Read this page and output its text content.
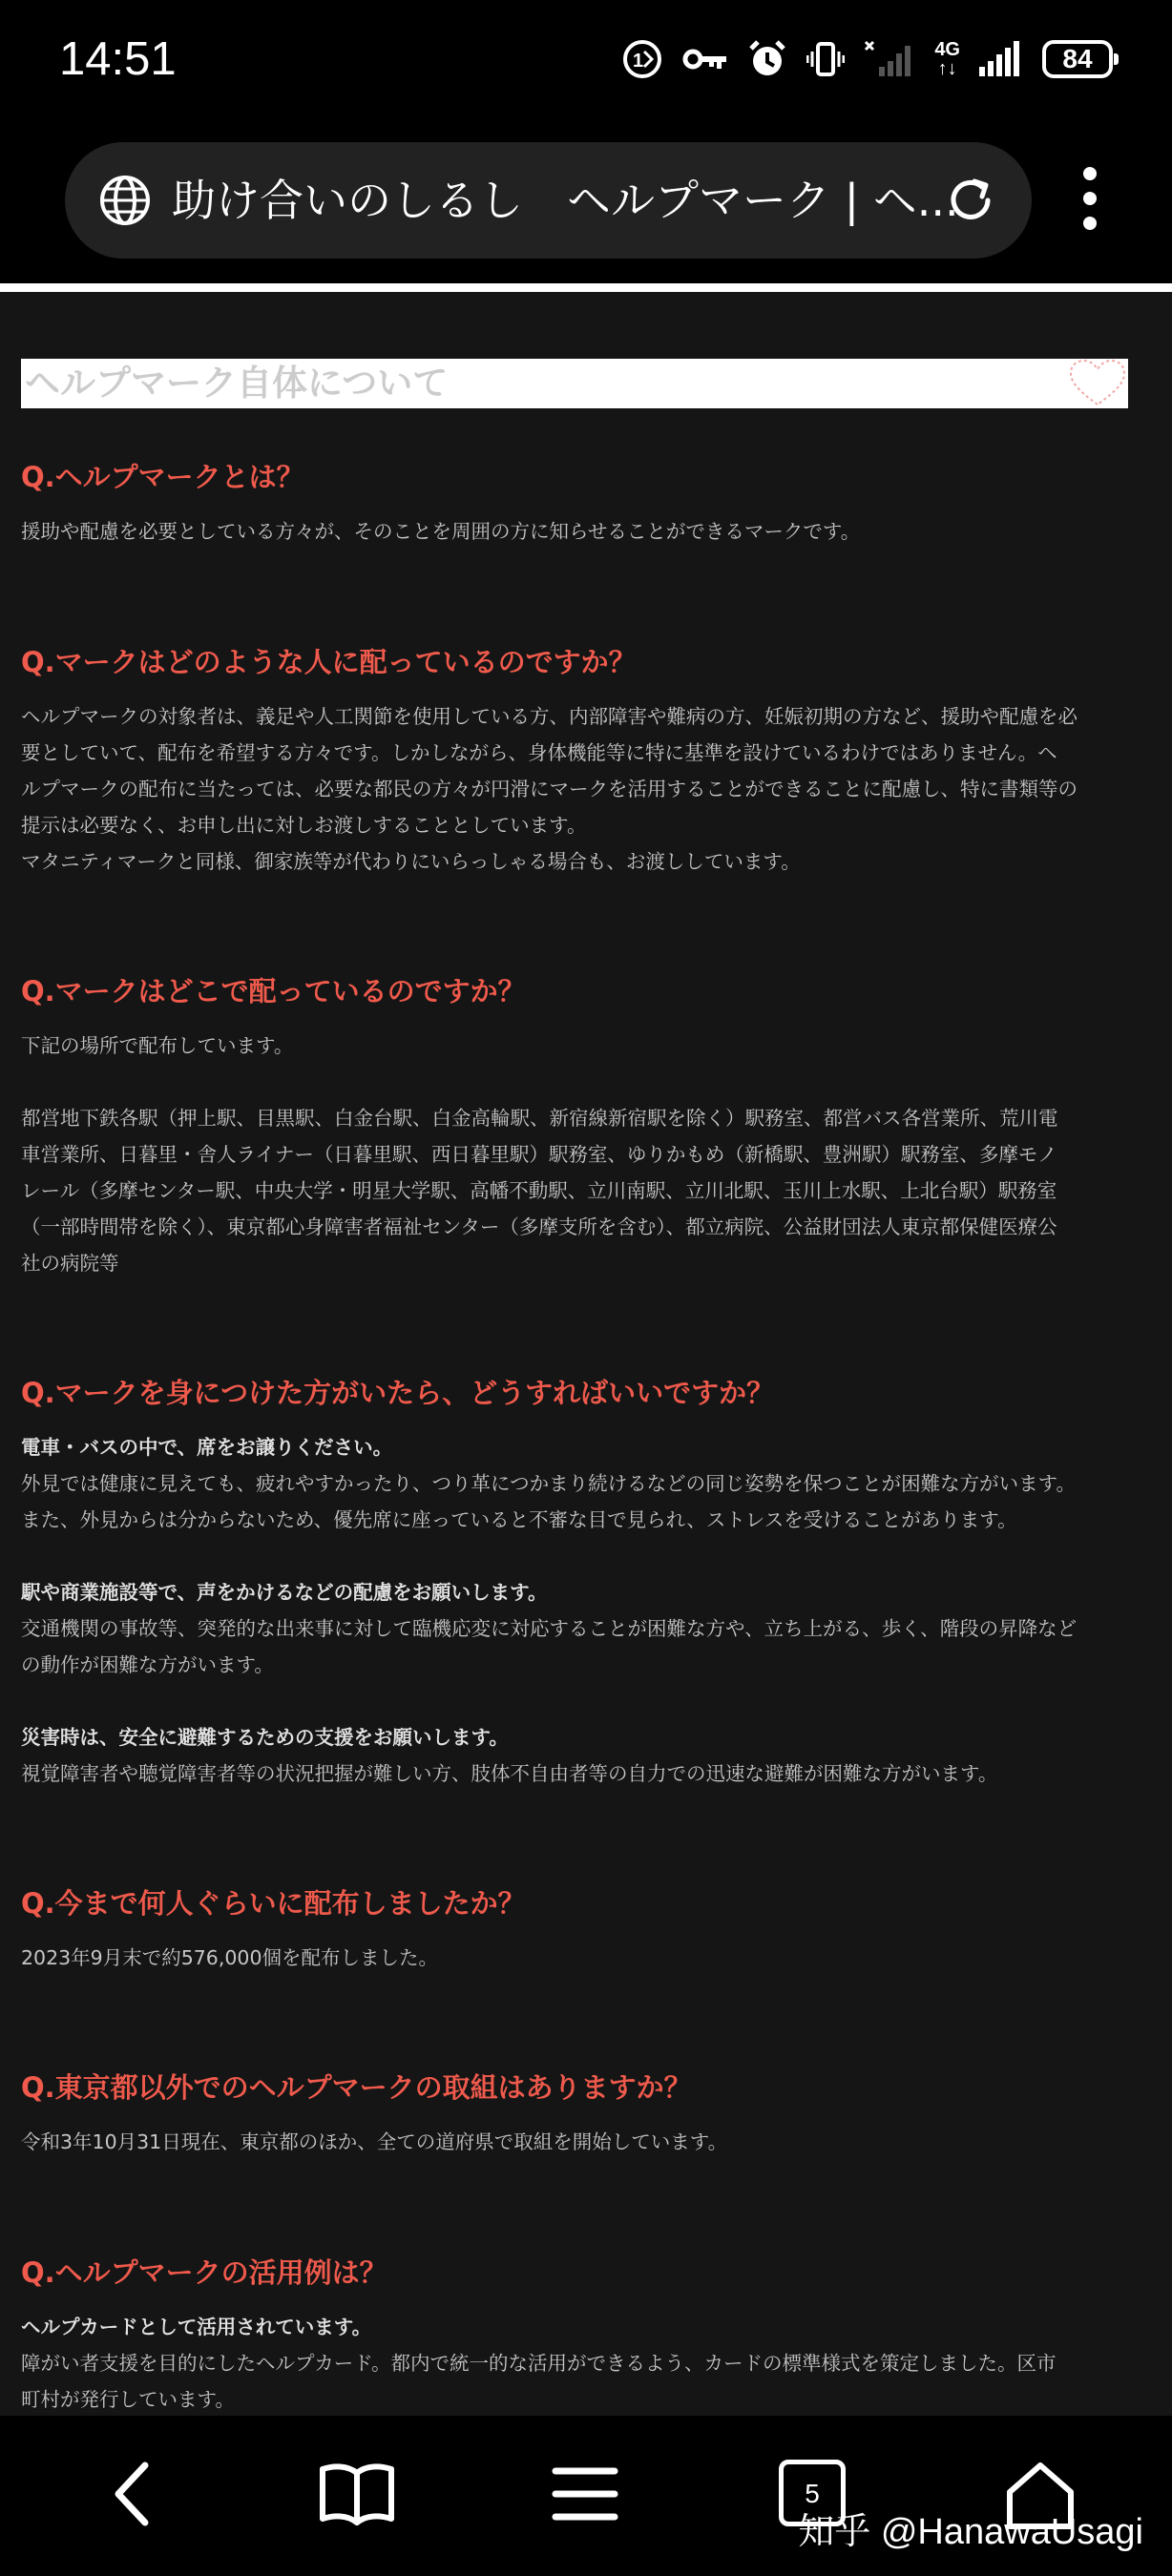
14:51	1
4G
↑↓	84
助け合いのしるし　ヘルプマーク | ヘ...
ヘルプマーク自体について
Q.ヘルプマークとは？

援助や配慮を必要としている方々が、そのことを周囲の方に知らせることができるマークです。

Q.マークはどのような人に配っているのですか？

ヘルプマークの対象者は、義足や人工関節を使用している方、内部障害や難病の方、妊娠初期の方など、援助や配慮を必

要としていて、配布を希望する方々です。しかしながら、身体機能等に特に基準を設けているわけではありません。ヘ

ルプマークの配布に当たっては、必要な都民の方々が円滑にマークを活用することができることに配慮し、特に書類等の

提示は必要なく、お申し出に対しお渡しすることとしています。

マタニティマークと同様、御家族等が代わりにいらっしゃる場合も、お渡ししています。

Q.マークはどこで配っているのですか？

下記の場所で配布しています。

都営地下鉄各駅（押上駅、目黒駅、白金台駅、白金高輪駅、新宿線新宿駅を除く）駅務室、都営バス各営業所、荒川電

車営業所、日暮里・舎人ライナー（日暮里駅、西日暮里駅）駅務室、ゆりかもめ（新橋駅、豊洲駅）駅務室、多摩モノ

レール（多摩センター駅、中央大学・明星大学駅、高幡不動駅、立川南駅、立川北駅、玉川上水駅、上北台駅）駅務室

（一部時間帯を除く）、東京都心身障害者福祉センター（多摩支所を含む）、都立病院、公益財団法人東京都保健医療公

社の病院等

Q.マークを身につけた方がいたら、どうすればいいですか？

電車・バスの中で、席をお譲りください。

外見では健康に見えても、疲れやすかったり、つり革につかまり続けるなどの同じ姿勢を保つことが困難な方がいます。

また、外見からは分からないため、優先席に座っていると不審な目で見られ、ストレスを受けることがあります。

駅や商業施設等で、声をかけるなどの配慮をお願いします。

交通機関の事故等、突発的な出来事に対して臨機応変に対応することが困難な方や、立ち上がる、歩く、階段の昇降など

の動作が困難な方がいます。

災害時は、安全に避難するための支援をお願いします。

視覚障害者や聴覚障害者等の状況把握が難しい方、肢体不自由者等の自力での迅速な避難が困難な方がいます。

Q.今まで何人ぐらいに配布しましたか？

2023年9月末で約576,000個を配布しました。

Q.東京都以外でのヘルプマークの取組はありますか？

令和3年10月31日現在、東京都のほか、全ての道府県で取組を開始しています。

Q.ヘルプマークの活用例は？

ヘルプカードとして活用されています。

障がい者支援を目的にしたヘルプカード。都内で統一的な活用ができるよう、カードの標準様式を策定しました。区市

町村が発行しています。

5
知乎 @HanawaUsagi
